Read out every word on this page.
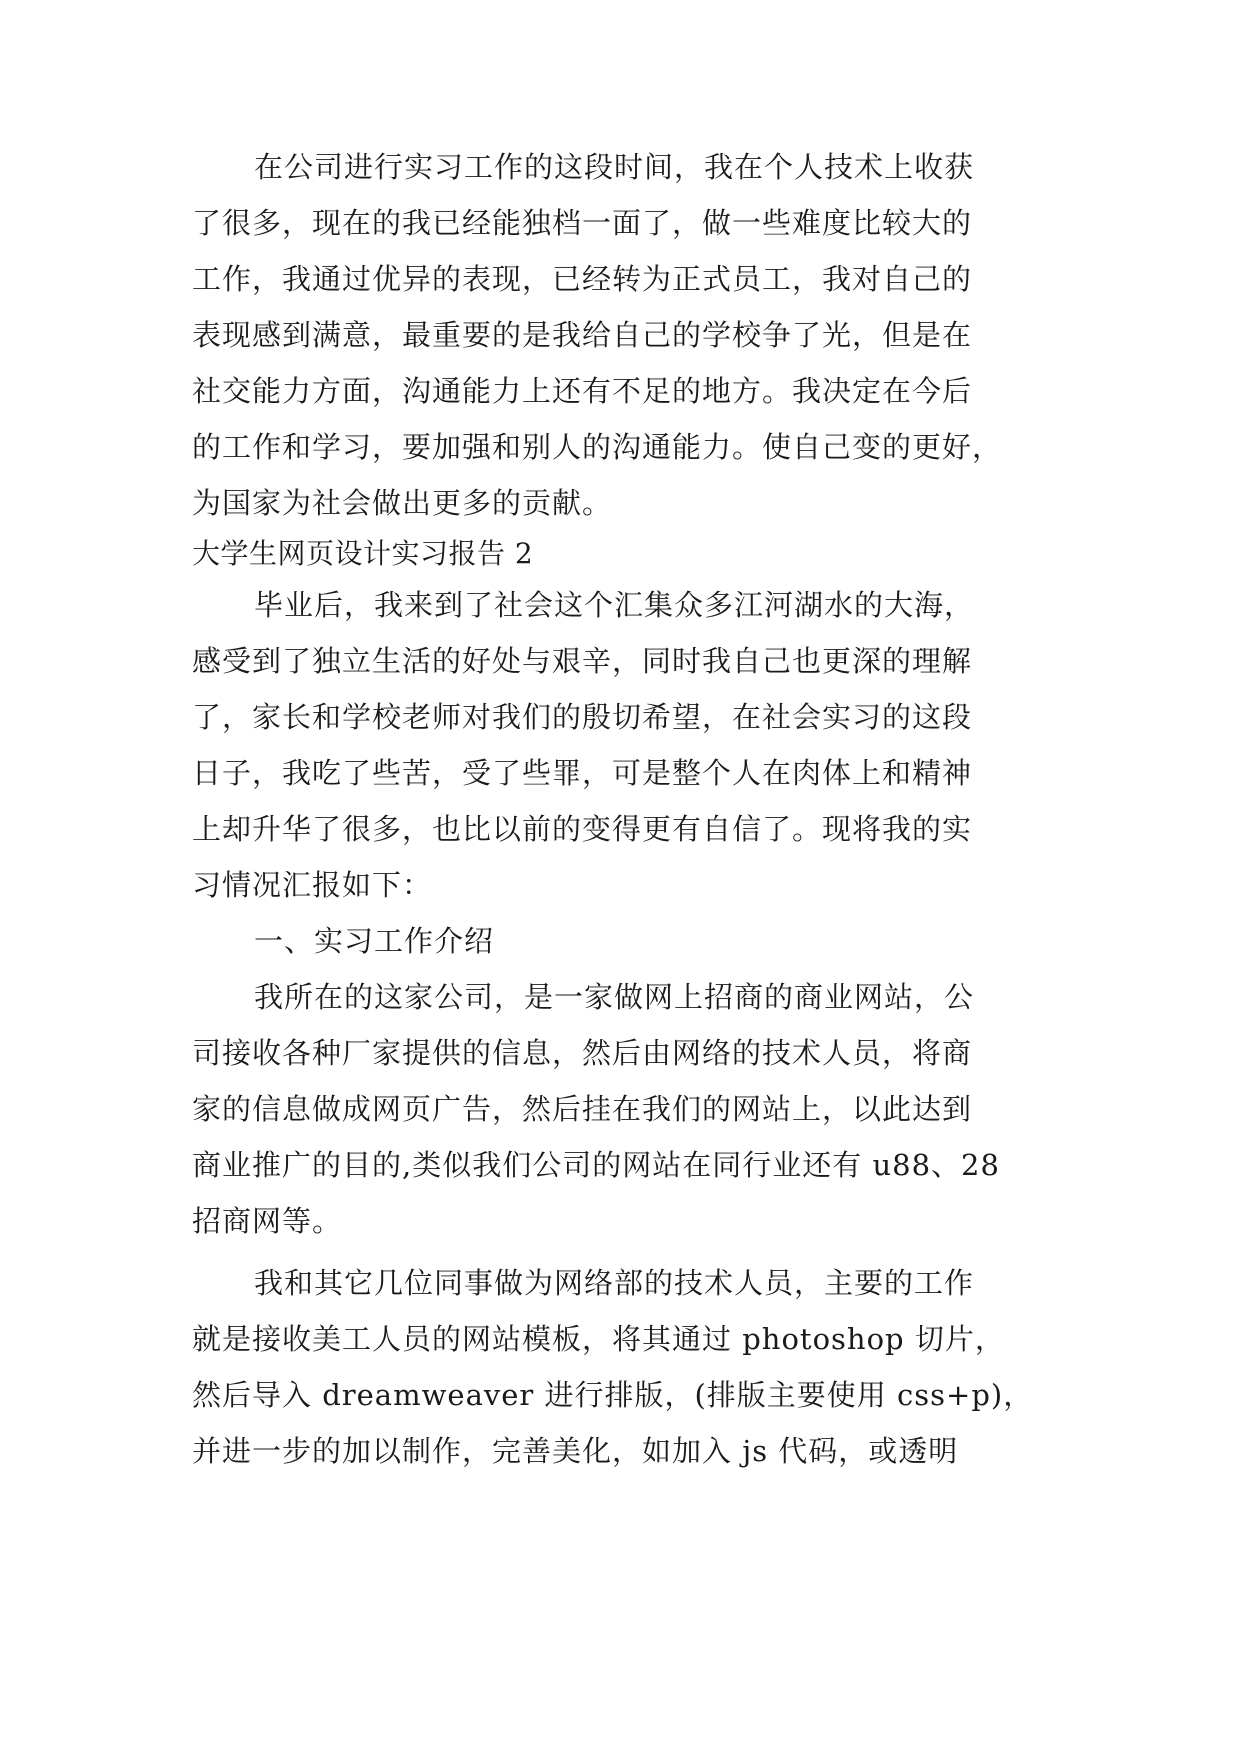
在公司进行实习工作的这段时间，我在个人技术上收获
了很多，现在的我已经能独档一面了，做一些难度比较大的
工作，我通过优异的表现，已经转为正式员工，我对自己的
表现感到满意，最重要的是我给自己的学校争了光，但是在
社交能力方面，沟通能力上还有不足的地方。我决定在今后
的工作和学习，要加强和别人的沟通能力。使自己变的更好，
为国家为社会做出更多的贡献。
大学生网页设计实习报告 2
毕业后，我来到了社会这个汇集众多江河湖水的大海，
感受到了独立生活的好处与艰辛，同时我自己也更深的理解
了，家长和学校老师对我们的殷切希望，在社会实习的这段
日子，我吃了些苦，受了些罪，可是整个人在肉体上和精神
上却升华了很多，也比以前的变得更有自信了。现将我的实
习情况汇报如下：
一、实习工作介绍
我所在的这家公司，是一家做网上招商的商业网站，公
司接收各种厂家提供的信息，然后由网络的技术人员，将商
家的信息做成网页广告，然后挂在我们的网站上，以此达到
商业推广的目的,类似我们公司的网站在同行业还有 u88、28
招商网等。
我和其它几位同事做为网络部的技术人员，主要的工作
就是接收美工人员的网站模板，将其通过 photoshop 切片，
然后导入 dreamweaver 进行排版，(排版主要使用 css+p)，
并进一步的加以制作，完善美化，如加入 js 代码，或透明
